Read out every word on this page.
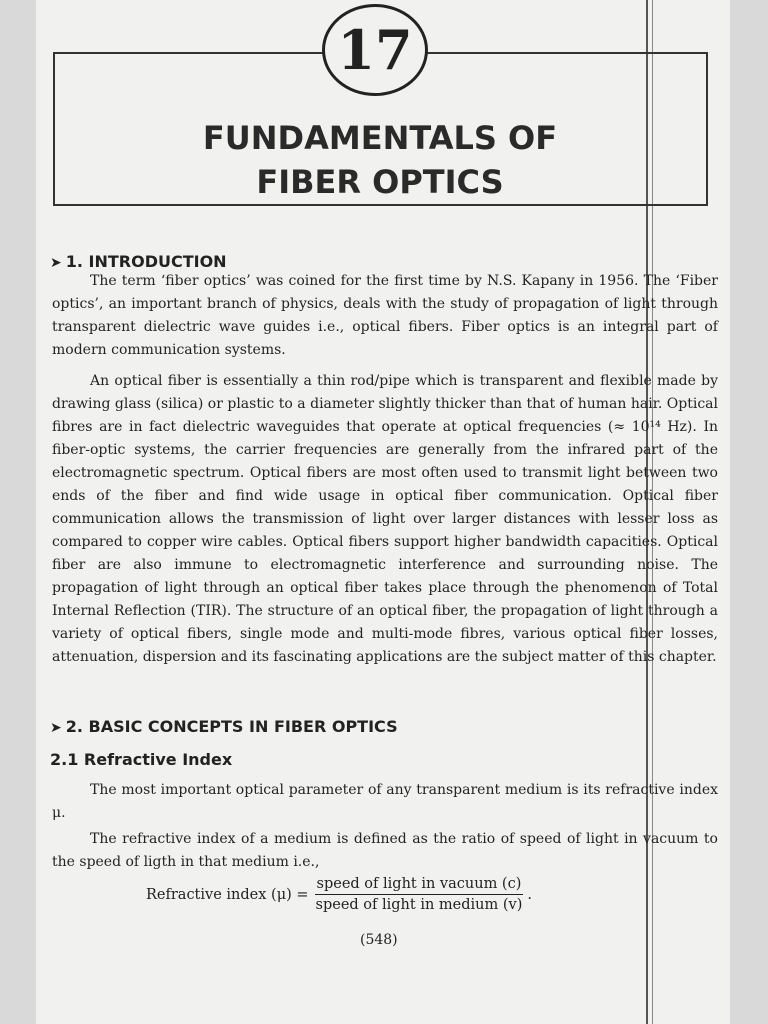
17
FUNDAMENTALS OF
FIBER OPTICS
➤ 1. INTRODUCTION
The term ‘fiber optics’ was coined for the first time by N.S. Kapany in 1956. The ‘Fiber optics’, an important branch of physics, deals with the study of propagation of light through transparent dielectric wave guides i.e., optical fibers. Fiber optics is an integral part of modern communication systems.
An optical fiber is essentially a thin rod/pipe which is transparent and flexible made by drawing glass (silica) or plastic to a diameter slightly thicker than that of human hair. Optical fibres are in fact dielectric waveguides that operate at optical frequencies (≈ 10¹⁴ Hz). In fiber-optic systems, the carrier frequencies are generally from the infrared part of the electromagnetic spectrum. Optical fibers are most often used to transmit light between two ends of the fiber and find wide usage in optical fiber communication. Optical fiber communication allows the transmission of light over larger distances with lesser loss as compared to copper wire cables. Optical fibers support higher bandwidth capacities. Optical fiber are also immune to electromagnetic interference and surrounding noise. The propagation of light through an optical fiber takes place through the phenomenon of Total Internal Reflection (TIR). The structure of an optical fiber, the propagation of light through a variety of optical fibers, single mode and multi-mode fibres, various optical fiber losses, attenuation, dispersion and its fascinating applications are the subject matter of this chapter.
➤ 2. BASIC CONCEPTS IN FIBER OPTICS
2.1 Refractive Index
The most important optical parameter of any transparent medium is its refractive index μ.
The refractive index of a medium is defined as the ratio of speed of light in vacuum to the speed of ligth in that medium i.e.,
Refractive index $(\mu) = \frac{\text{speed of light in vacuum (c)}}{\text{speed of light in medium (v)}}$ .
(548)
